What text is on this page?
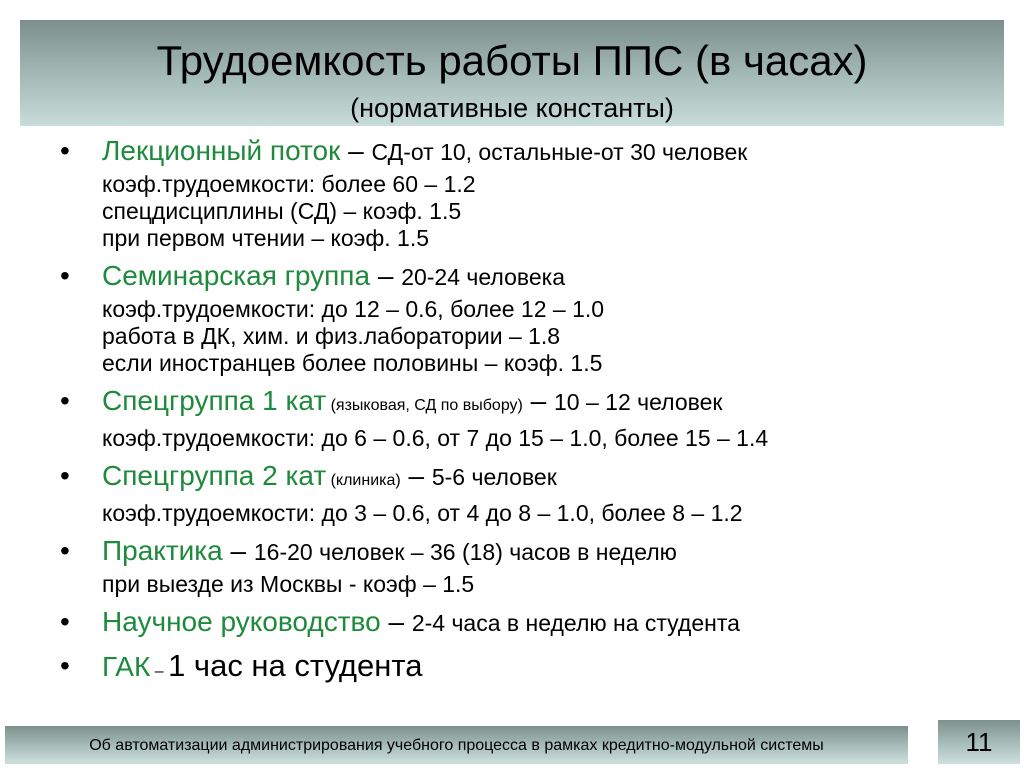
Трудоемкость работы ППС (в часах)
(нормативные константы)
• Лекционный поток – СД-от 10, остальные-от 30 человек
коэф.трудоемкости: более 60 – 1.2
спецдисциплины (СД) – коэф. 1.5
при первом чтении – коэф. 1.5
• Семинарская группа – 20-24 человека
коэф.трудоемкости: до 12 – 0.6, более 12 – 1.0
работа в ДК, хим. и физ.лаборатории – 1.8
если иностранцев более половины – коэф. 1.5
• Спецгруппа 1 кат (языковая, СД по выбору) – 10 – 12 человек
коэф.трудоемкости: до 6 – 0.6, от 7 до 15 – 1.0, более 15 – 1.4
• Спецгруппа 2 кат (клиника) – 5-6 человек
коэф.трудоемкости: до 3 – 0.6, от 4 до 8 – 1.0, более 8 – 1.2
• Практика – 16-20 человек – 36 (18) часов в неделю
при выезде из Москвы - коэф – 1.5
• Научное руководство – 2-4 часа в неделю на студента
• ГАК – 1 час на студента
Об автоматизации администрирования учебного процесса в рамках кредитно-модульной системы	11
